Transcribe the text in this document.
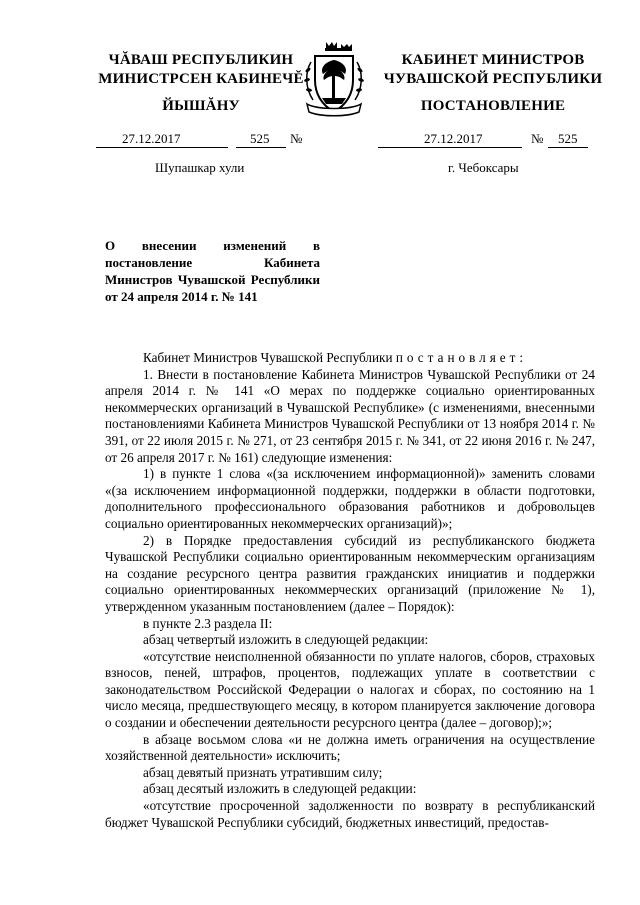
ЧĂВАШ РЕСПУБЛИКИН
МИНИСТРСЕН КАБИНЕЧĔ
КАБИНЕТ МИНИСТРОВ
ЧУВАШСКОЙ РЕСПУБЛИКИ
ЙЫШĂНУ	ПОСТАНОВЛЕНИЕ
27.12.2017	525 №	27.12.2017	№ 525
Шупашкар хули	г. Чебоксары
О внесении изменений в постановление Кабинета Министров Чувашской Республики от 24 апреля 2014 г. № 141

Кабинет Министров Чувашской Республики постановляет:

1. Внести в постановление Кабинета Министров Чувашской Республики от 24 апреля 2014 г. № 141 «О мерах по поддержке социально ориентированных некоммерческих организаций в Чувашской Республике» (с изменениями, внесенными постановлениями Кабинета Министров Чувашской Республики от 13 ноября 2014 г. № 391, от 22 июля 2015 г. № 271, от 23 сентября 2015 г. № 341, от 22 июня 2016 г. № 247, от 26 апреля 2017 г. № 161) следующие изменения:

1) в пункте 1 слова «(за исключением информационной)» заменить словами «(за исключением информационной поддержки, поддержки в области подготовки, дополнительного профессионального образования работников и добровольцев социально ориентированных некоммерческих организаций)»;

2) в Порядке предоставления субсидий из республиканского бюджета Чувашской Республики социально ориентированным некоммерческим организациям на создание ресурсного центра развития гражданских инициатив и поддержки социально ориентированных некоммерческих организаций (приложение № 1), утвержденном указанным постановлением (далее – Порядок):

в пункте 2.3 раздела II:

абзац четвертый изложить в следующей редакции:

«отсутствие неисполненной обязанности по уплате налогов, сборов, страховых взносов, пеней, штрафов, процентов, подлежащих уплате в соответствии с законодательством Российской Федерации о налогах и сборах, по состоянию на 1 число месяца, предшествующего месяцу, в котором планируется заключение договора о создании и обеспечении деятельности ресурсного центра (далее – договор);»;

в абзаце восьмом слова «и не должна иметь ограничения на осуществление хозяйственной деятельности» исключить;

абзац девятый признать утратившим силу;

абзац десятый изложить в следующей редакции:

«отсутствие просроченной задолженности по возврату в республиканский бюджет Чувашской Республики субсидий, бюджетных инвестиций, предостав-
